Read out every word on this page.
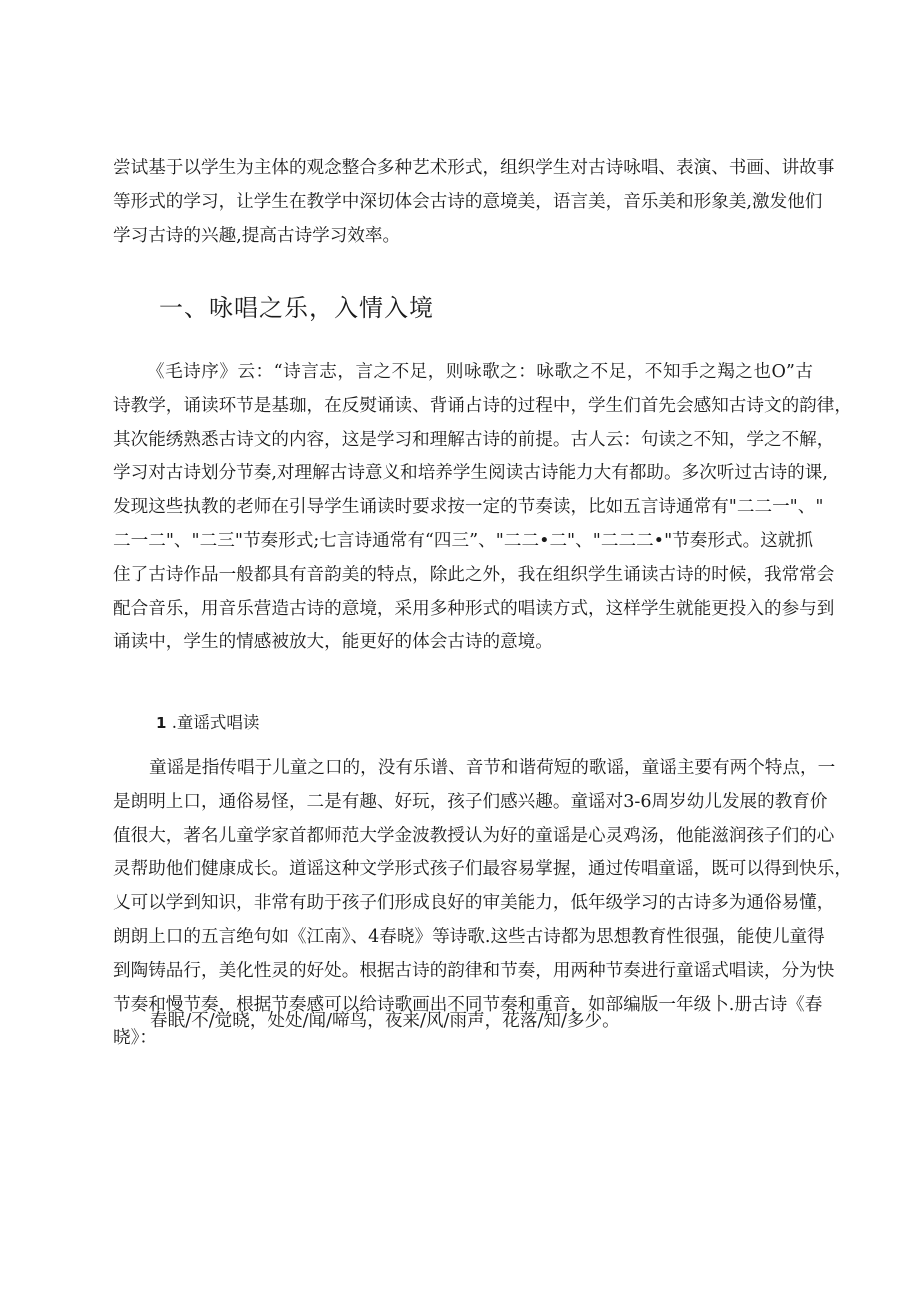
尝试基于以学生为主体的观念整合多种艺术形式，组织学生对古诗咏唱、表演、书画、讲故事
等形式的学习，让学生在教学中深切体会古诗的意境美，语言美，音乐美和形象美,激发他们
学习古诗的兴趣,提高古诗学习效率。
一、咏唱之乐，入情入境
《毛诗序》云：“诗言志，言之不足，则咏歌之：咏歌之不足，不知手之羯之也O”古
诗教学，诵读环节是基珈，在反熨诵读、背诵占诗的过程中，学生们首先会感知古诗文的韵律，
其次能绣熟悉古诗文的内容，这是学习和理解古诗的前提。古人云：句读之不知，学之不解，
学习对古诗划分节奏,对理解古诗意义和培养学生阅读古诗能力大有都助。多次听过古诗的课,
发现这些执教的老师在引导学生诵读时要求按一定的节奏读，比如五言诗通常有"二二一"、"
二一二"、"二三"节奏形式;七言诗通常有“四三”、"二二•二"、"二二二•"节奏形式。这就抓
住了古诗作品一般都具有音韵美的特点，除此之外，我在组织学生诵读古诗的时候，我常常会
配合音乐，用音乐营造古诗的意境，采用多种形式的唱读方式，这样学生就能更投入的参与到
诵读中，学生的情感被放大，能更好的体会古诗的意境。
1 .童谣式唱读
童谣是指传唱于儿童之口的，没有乐谱、音节和谐荷短的歌谣，童谣主要有两个特点，一
是朗明上口，通俗易怪，二是有趣、好玩，孩子们感兴趣。童谣对3-6周岁幼儿发展的教育价
值很大，著名儿童学家首都师范大学金波教授认为好的童谣是心灵鸡汤，他能滋润孩子们的心
灵帮助他们健康成长。道谣这种文学形式孩子们最容易掌握，通过传唱童谣，既可以得到快乐，
乂可以学到知识，非常有助于孩子们形成良好的审美能力，低年级学习的古诗多为通俗易懂，
朗朗上口的五言绝句如《江南》、4春晓》等诗歌.这些古诗都为思想教育性很强，能使儿童得
到陶铸品行，美化性灵的好处。根据古诗的韵律和节奏，用两种节奏进行童谣式唱读，分为快
节奏和慢节奏，根据节奏感可以给诗歌画出不同节奏和重音，如部编版一年级卜.册古诗《春
晓》：

春眠/不/觉晓，处处/闻/啼鸟，夜来/风/雨声，花落/知/多少。
